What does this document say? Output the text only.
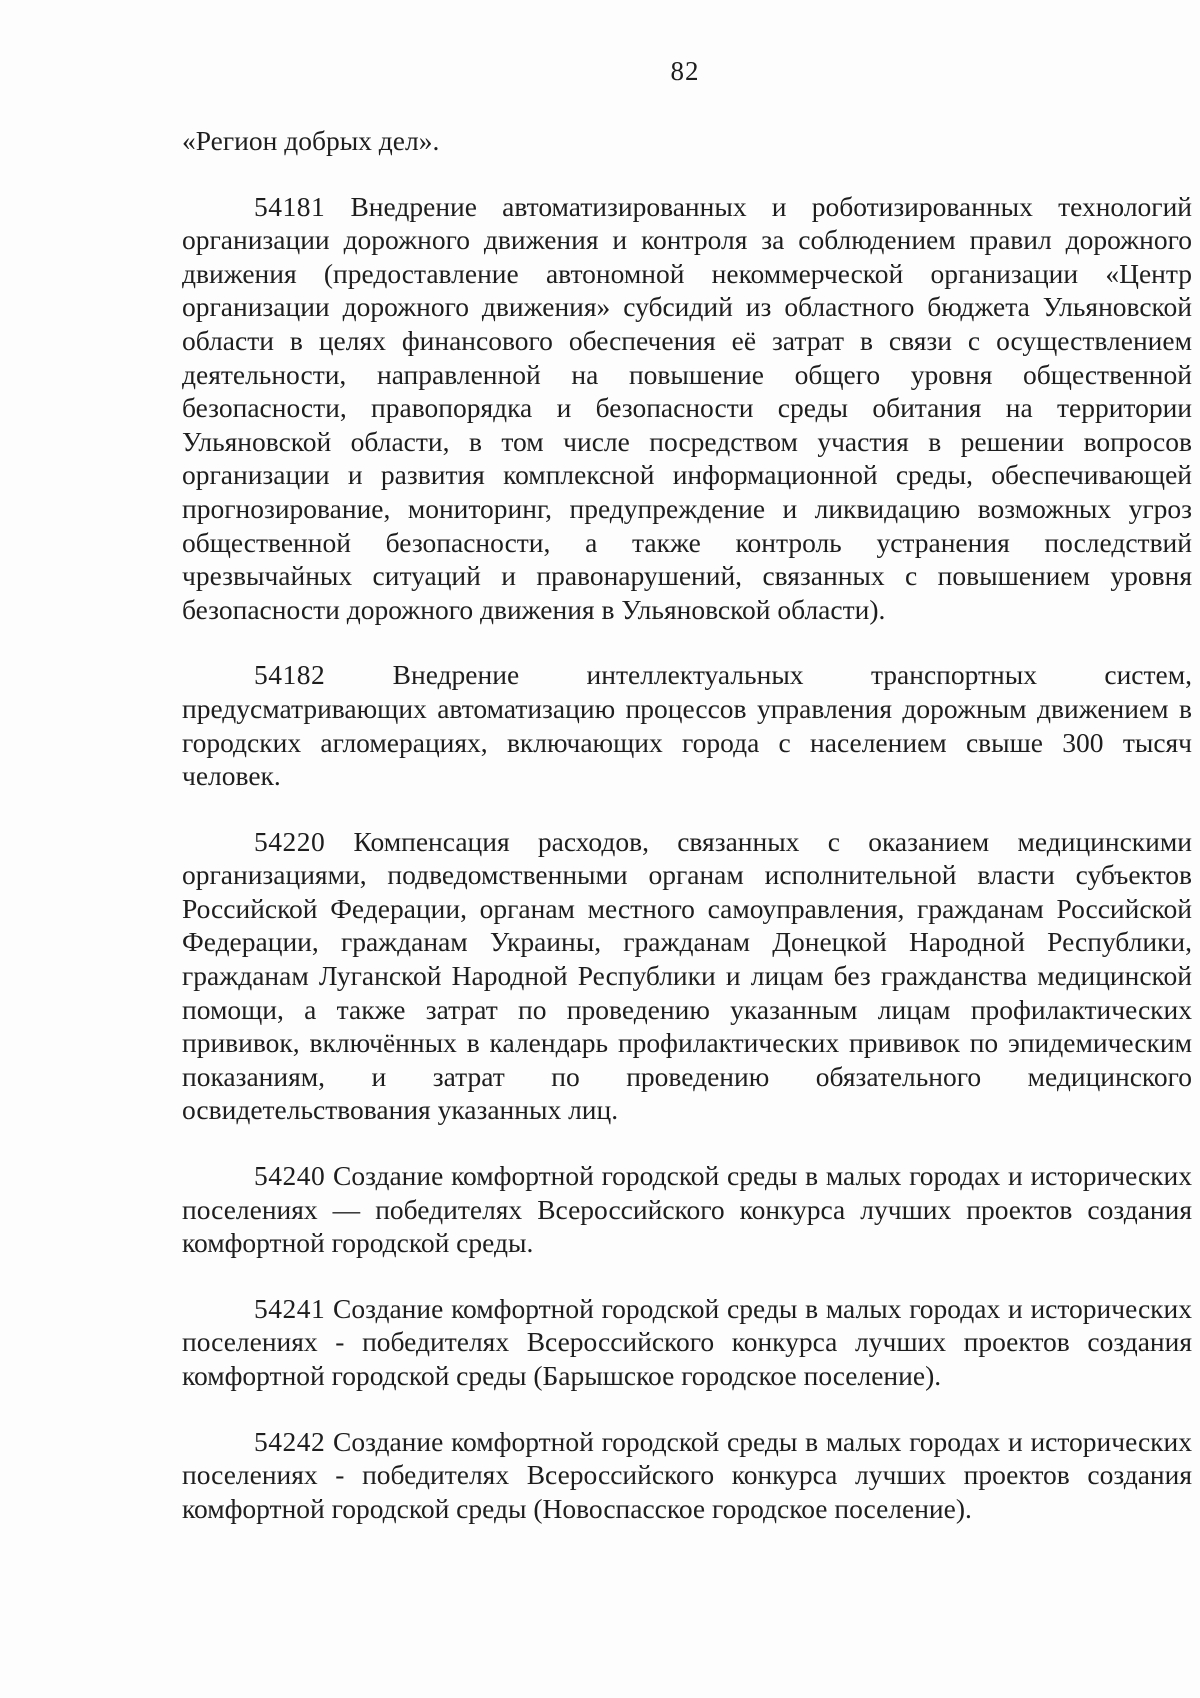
82

«Регион добрых дел».

54181 Внедрение автоматизированных и роботизированных технологий организации дорожного движения и контроля за соблюдением правил дорожного движения (предоставление автономной некоммерческой организации «Центр организации дорожного движения» субсидий из областного бюджета Ульяновской области в целях финансового обеспечения её затрат в связи с осуществлением деятельности, направленной на повышение общего уровня общественной безопасности, правопорядка и безопасности среды обитания на территории Ульяновской области, в том числе посредством участия в решении вопросов организации и развития комплексной информационной среды, обеспечивающей прогнозирование, мониторинг, предупреждение и ликвидацию возможных угроз общественной безопасности, а также контроль устранения последствий чрезвычайных ситуаций и правонарушений, связанных с повышением уровня безопасности дорожного движения в Ульяновской области).

54182 Внедрение интеллектуальных транспортных систем, предусматривающих автоматизацию процессов управления дорожным движением в городских агломерациях, включающих города с населением свыше 300 тысяч человек.

54220 Компенсация расходов, связанных с оказанием медицинскими организациями, подведомственными органам исполнительной власти субъектов Российской Федерации, органам местного самоуправления, гражданам Российской Федерации, гражданам Украины, гражданам Донецкой Народной Республики, гражданам Луганской Народной Республики и лицам без гражданства медицинской помощи, а также затрат по проведению указанным лицам профилактических прививок, включённых в календарь профилактических прививок по эпидемическим показаниям, и затрат по проведению обязательного медицинского освидетельствования указанных лиц.

54240 Создание комфортной городской среды в малых городах и исторических поселениях — победителях Всероссийского конкурса лучших проектов создания комфортной городской среды.

54241 Создание комфортной городской среды в малых городах и исторических поселениях - победителях Всероссийского конкурса лучших проектов создания комфортной городской среды (Барышское городское поселение).

54242 Создание комфортной городской среды в малых городах и исторических поселениях - победителях Всероссийского конкурса лучших проектов создания комфортной городской среды (Новоспасское городское поселение).
